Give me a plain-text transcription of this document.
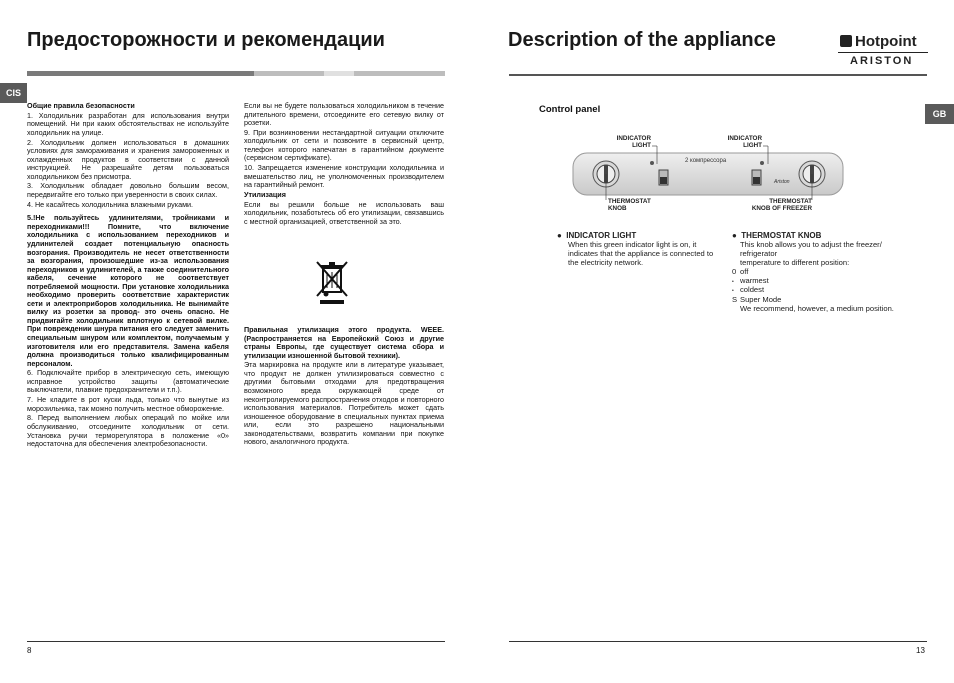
Предосторожности и рекомендации
CIS

Общие правила безопасности

1. Холодильник разработан для использования внутри помещений. Ни при каких обстоятельствах не используйте холодильник на улице.

2. Холодильник должен использоваться в домашних условиях для замораживания и хранения замороженных и охлажденных продуктов в соответствии с данной инструкцией. Не разрешайте детям пользоваться холодильником без присмотра.

3. Холодильник обладает довольно большим весом, передвигайте его только при уверенности в своих силах.

4. Не касайтесь холодильника влажными руками.

5.!Не пользуйтесь удлинителями, тройниками и переходниками!!! Помните, что включение холодильника с использованием переходников и удлинителей создает потенциальную опасность возгорания. Производитель не несет ответственности за возгорания, произошедшие из-за использования переходников и удлинителей, а также соединительного кабеля, сечение которого не соответствует потребляемой мощности. При установке холодильника необходимо проверить соответствие характеристик сети и электроприборов холодильника. Не вынимайте вилку из розетки за провод- это очень опасно. Не придвигайте холодильник вплотную к сетевой вилке. При повреждении шнура питания его следует заменить специальным шнуром или комплектом, получаемым у изготовителя или его представителя. Замена кабеля должна производиться только квалифицированным персоналом.

6. Подключайте прибор в электрическую сеть, имеющую исправное устройство защиты (автоматические выключатели, плавкие предохранители и т.п.).

7. Не кладите в рот куски льда, только что вынутые из морозильника, так можно получить местное обморожение.

8. Перед выполнением любых операций по мойке или обслуживанию, отсоедините холодильник от сети. Установка ручки терморегулятора в положение «0» недостаточна для обеспечения электробезопасности.

Если вы не будете пользоваться холодильником в течение длительного времени, отсоедините его сетевую вилку от розетки.

9. При возникновении нестандартной ситуации отключите холодильник от сети и позвоните в сервисный центр, телефон которого напечатан в гарантийном документе (сервисном сертификате).

10. Запрещается изменение конструкции холодильника и вмешательство лиц, не уполномоченных производителем на гарантийный ремонт.

Утилизация

Если вы решили больше не использовать ваш холодильник, позаботьтесь об его утилизации, связавшись с местной организацией, ответственной за это.

Правильная утилизация этого продукта. WEEE. (Распространяется на Европейский Союз и другие страны Европы, где существует система сбора и утилизации изношенной бытовой техники).

Эта маркировка на продукте или в литературе указывает, что продукт не должен утилизироваться совместно с другими бытовыми отходами для предотвращения возможного вреда окружающей среде от неконтролируемого распространения отходов и повторного использования материалов. Потребитель может сдать изношенное оборудование в специальных пунктах приема или, если это разрешено национальными законодательствами, возвратить компании при покупке нового, аналогичного продукта.

8
Description of the appliance	Hotpoint
ARISTON
GB
Control panel
INDICATOR
LIGHT
INDICATOR
LIGHT
2 компрессора
Ariston
THERMOSTAT
KNOB
THERMOSTAT
KNOB OF FREEZER
●  INDICATOR LIGHT
When this green indicator light is on, it indicates that the appliance is connected to the electricity network.
●  THERMOSTAT KNOB
This knob allows you to adjust the freezer/
refrigerator
temperature to different position:
0 off
• warmest
• coldest
S Super Mode
We recommend, however, a medium position.
13
